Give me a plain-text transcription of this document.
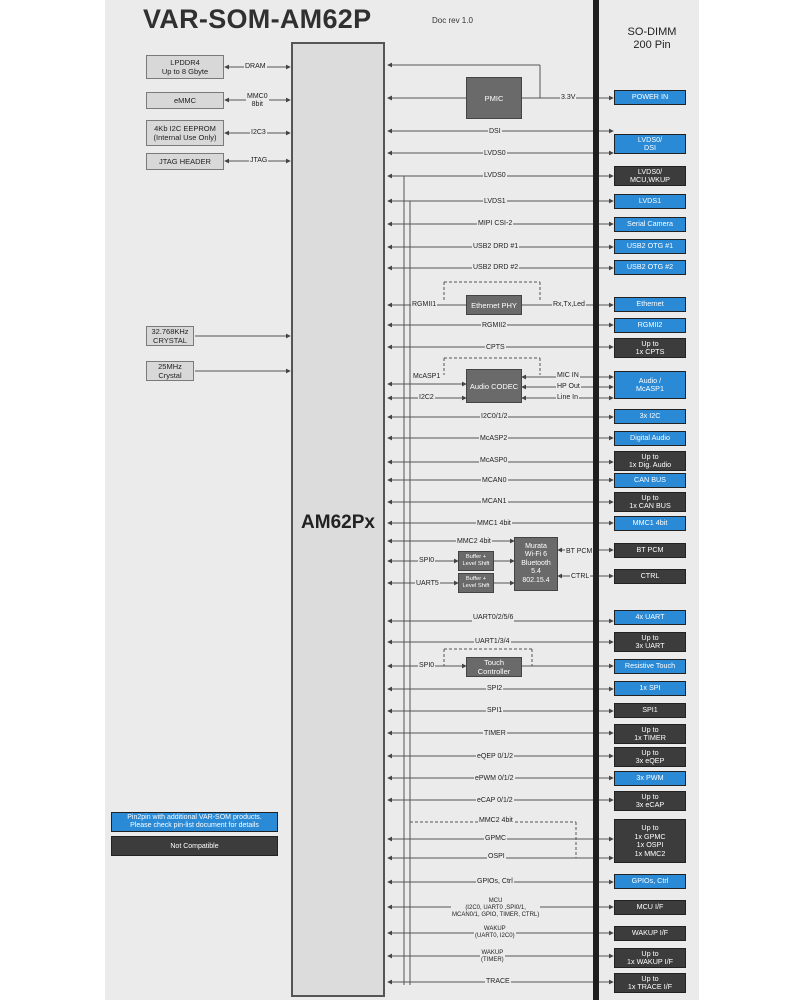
VAR-SOM-AM62P	Doc rev 1.0
SO-DIMM
200 Pin
AM62Px
LPDDR4
Up to 8 Gbyte
eMMC
4Kb I2C EEPROM
(Internal Use Only)
JTAG HEADER
32.768KHz
CRYSTAL
25MHz
Crystal
DRAM
MMC0
8bit
I2C3
JTAG
PMIC
Ethernet PHY
Audio CODEC
Buffer +
Level Shift
Buffer +
Level Shift
Murata
Wi-Fi 6
Bluetooth
5.4
802.15.4
Touch
Controller
3.3V
DSI
LVDS0
LVDS0
LVDS1
MIPI CSI-2
USB2 DRD #1
USB2 DRD #2
RGMII1	Rx,Tx,Led
RGMII2
CPTS
McASP1
I2C2
MIC IN
HP Out
Line In
I2C0/1/2
McASP2
McASP0
MCAN0
MCAN1
MMC1 4bit
MMC2 4bit
SPI0
UART5
BT PCM
CTRL
UART0/2/5/6
UART1/3/4
SPI0
SPI2
SPI1
TIMER
eQEP 0/1/2
ePWM 0/1/2
eCAP 0/1/2
MMC2 4bit
GPMC
OSPI
GPIOs, Ctrl
MCU
(I2C0, UART0 ,SPI0/1,
MCAN0/1, GPIO, TIMER, CTRL)
WAKUP
(UART0, I2C0)
WAKUP
(TIMER)
TRACE
POWER IN
LVDS0/
DSI
LVDS0/
MCU,WKUP
LVDS1
Serial Camera
USB2 OTG #1
USB2 OTG #2
Ethernet
RGMII2
Up to
1x CPTS
Audio /
McASP1
3x I2C
Digital Audio
Up to
1x Dig. Audio
CAN BUS
Up to
1x CAN BUS
MMC1 4bit
BT PCM
CTRL
4x UART
Up to
3x UART
Resistive Touch
1x SPI
SPI1
Up to
1x TIMER
Up to
3x eQEP
3x PWM
Up to
3x eCAP
Up to
1x GPMC
1x OSPI
1x MMC2
GPIOs, Ctrl
MCU I/F
WAKUP I/F
Up to
1x WAKUP I/F
Up to
1x TRACE I/F
Pin2pin with additional VAR-SOM products.
Please check pin-list document for details
Not Compatible
